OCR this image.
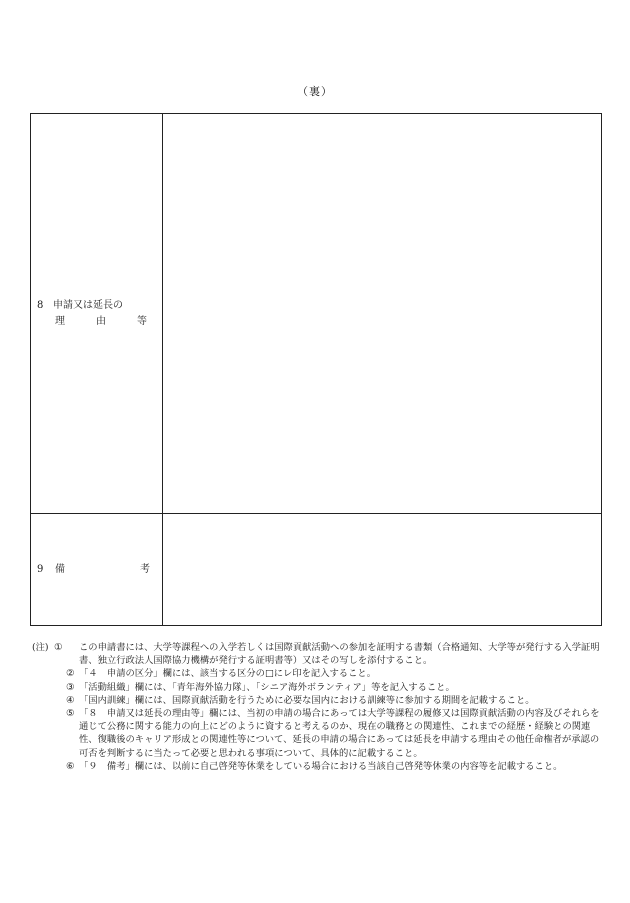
（裏）
8 申請又は延長の
理 由 等	

9 備 考	

(注) ① この申請書には、大学等課程への入学若しくは国際貢献活動への参加を証明する書類（合格通知、大学等が発行する入学証明書、独立行政法人国際協力機構が発行する証明書等）又はその写しを添付すること。
② 「４　申請の区分」欄には、該当する区分の□にレ印を記入すること。
③ 「活動組織」欄には、「青年海外協力隊」、「シニア海外ボランティア」等を記入すること。
④ 「国内訓練」欄には、国際貢献活動を行うために必要な国内における訓練等に参加する期間を記載すること。
⑤ 「８　申請又は延長の理由等」欄には、当初の申請の場合にあっては大学等課程の履修又は国際貢献活動の内容及びそれらを通じて公務に関する能力の向上にどのように資すると考えるのか、現在の職務との関連性、これまでの経歴・経験との関連性、復職後のキャリア形成との関連性等について、延長の申請の場合にあっては延長を申請する理由その他任命権者が承認の可否を判断するに当たって必要と思われる事項について、具体的に記載すること。
⑥ 「９　備考」欄には、以前に自己啓発等休業をしている場合における当該自己啓発等休業の内容等を記載すること。
